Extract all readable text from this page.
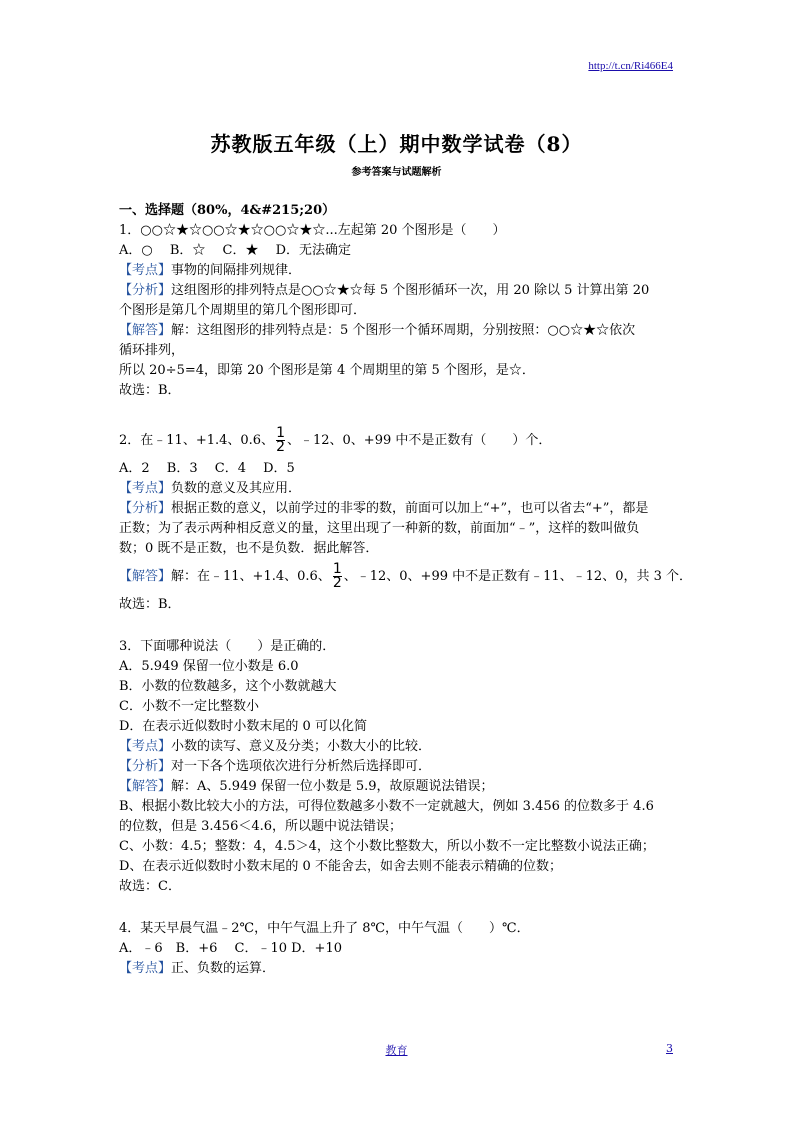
http://t.cn/Ri466E4
苏教版五年级（上）期中数学试卷（8）
参考答案与试题解析
一、选择题（80%，4&#215;20）
1．○○☆★☆○○☆★☆○○☆★☆...左起第 20 个图形是（　　）
A．○　 B．☆　 C．★　 D．无法确定
【考点】事物的间隔排列规律．
【分析】这组图形的排列特点是○○☆★☆每 5 个图形循环一次，用 20 除以 5 计算出第 20
个图形是第几个周期里的第几个图形即可．
【解答】解：这组图形的排列特点是：5 个图形一个循环周期，分别按照：○○☆★☆依次
循环排列，
所以 20÷5=4，即第 20 个图形是第 4 个周期里的第 5 个图形，是☆．
故选：B．
2．在﹣11、+1.4、0.6、 $\frac{1}{2}$ 、﹣12、0、+99 中不是正数有（　　）个．
A．2　 B．3　 C．4　 D．5
【考点】负数的意义及其应用．
【分析】根据正数的意义，以前学过的非零的数，前面可以加上“+”，也可以省去“+”，都是
正数；为了表示两种相反意义的量，这里出现了一种新的数，前面加“﹣”，这样的数叫做负
数；0 既不是正数，也不是负数．据此解答．
【解答】解：在﹣11、+1.4、0.6、 $\frac{1}{2}$ 、﹣12、0、+99 中不是正数有﹣11、﹣12、0，共 3 个．
故选：B．
3．下面哪种说法（　　）是正确的．
A．5.949 保留一位小数是 6.0
B．小数的位数越多，这个小数就越大
C．小数不一定比整数小
D．在表示近似数时小数末尾的 0 可以化简
【考点】小数的读写、意义及分类；小数大小的比较．
【分析】对一下各个选项依次进行分析然后选择即可．
【解答】解：A、5.949 保留一位小数是 5.9，故原题说法错误；
B、根据小数比较大小的方法，可得位数越多小数不一定就越大，例如 3.456 的位数多于 4.6
的位数，但是 3.456＜4.6，所以题中说法错误；
C、小数：4.5；整数：4，4.5＞4，这个小数比整数大，所以小数不一定比整数小说法正确；
D、在表示近似数时小数末尾的 0 不能舍去，如舍去则不能表示精确的位数；
故选：C．
4．某天早晨气温﹣2℃，中午气温上升了 8℃，中午气温（　　）℃．
A．﹣6　B．+6　 C．﹣10 D．+10
【考点】正、负数的运算．
教育	3
